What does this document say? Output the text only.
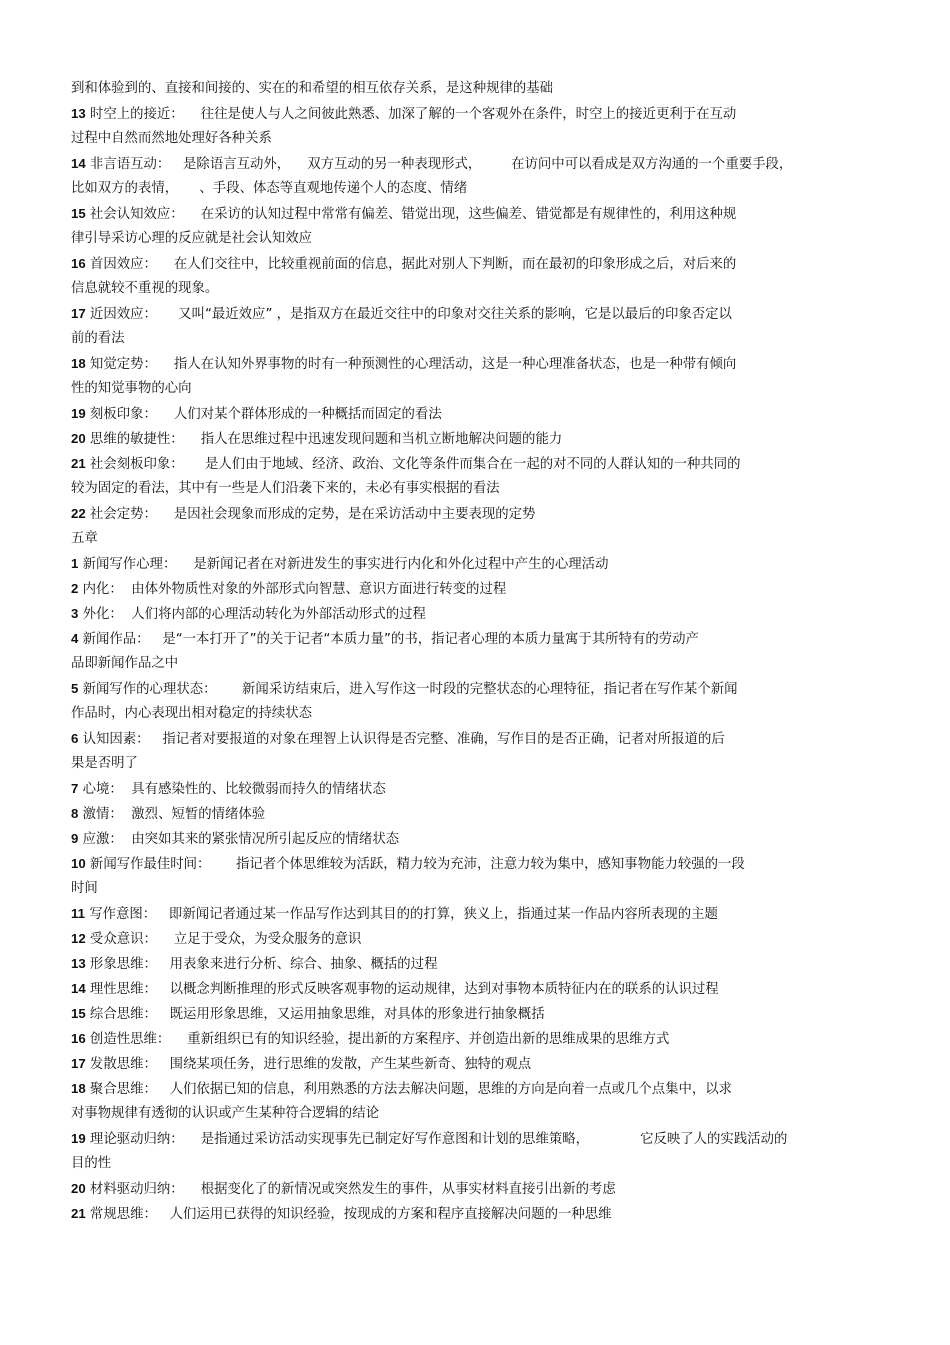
到和体验到的、直接和间接的、实在的和希望的相互依存关系，是这种规律的基础
13 时空上的接近：    往往是使人与人之间彼此熟悉、加深了解的一个客观外在条件，时空上的接近更利于在互动
过程中自然而然地处理好各种关系
14 非言语互动：   是除语言互动外，    双方互动的另一种表现形式，       在访问中可以看成是双方沟通的一个重要手段，
比如双方的表情，     、手段、体态等直观地传递个人的态度、情绪
15 社会认知效应：    在采访的认知过程中常常有偏差、错觉出现，这些偏差、错觉都是有规律性的，利用这种规
律引导采访心理的反应就是社会认知效应
16 首因效应：    在人们交往中，比较重视前面的信息，据此对别人下判断，而在最初的印象形成之后，对后来的
信息就较不重视的现象。
17 近因效应：     又叫“最近效应” ，是指双方在最近交往中的印象对交往关系的影响，它是以最后的印象否定以
前的看法
18 知觉定势：    指人在认知外界事物的时有一种预测性的心理活动，这是一种心理准备状态，也是一种带有倾向
性的知觉事物的心向
19 刻板印象：    人们对某个群体形成的一种概括而固定的看法
20 思维的敏捷性：    指人在思维过程中迅速发现问题和当机立断地解决问题的能力
21 社会刻板印象：     是人们由于地域、经济、政治、文化等条件而集合在一起的对不同的人群认知的一种共同的
较为固定的看法，其中有一些是人们沿袭下来的，未必有事实根据的看法
22 社会定势：    是因社会现象而形成的定势，是在采访活动中主要表现的定势
五章
1 新闻写作心理：    是新闻记者在对新进发生的事实进行内化和外化过程中产生的心理活动
2 内化：  由体外物质性对象的外部形式向智慧、意识方面进行转变的过程
3 外化：  人们将内部的心理活动转化为外部活动形式的过程
4 新闻作品：   是“一本打开了”的关于记者“本质力量”的书，指记者心理的本质力量寓于其所特有的劳动产
品即新闻作品之中
5 新闻写作的心理状态：      新闻采访结束后，进入写作这一时段的完整状态的心理特征，指记者在写作某个新闻
作品时，内心表现出相对稳定的持续状态
6 认知因素：   指记者对要报道的对象在理智上认识得是否完整、准确，写作目的是否正确，记者对所报道的后
果是否明了
7 心境：  具有感染性的、比较微弱而持久的情绪状态
8 激情：  激烈、短暂的情绪体验
9 应激：  由突如其来的紧张情况所引起反应的情绪状态
10 新闻写作最佳时间：      指记者个体思维较为活跃，精力较为充沛，注意力较为集中，感知事物能力较强的一段
时间
11 写作意图：   即新闻记者通过某一作品写作达到其目的的打算，狭义上，指通过某一作品内容所表现的主题
12 受众意识：    立足于受众，为受众服务的意识
13 形象思维：   用表象来进行分析、综合、抽象、概括的过程
14 理性思维：   以概念判断推理的形式反映客观事物的运动规律，达到对事物本质特征内在的联系的认识过程
15 综合思维：   既运用形象思维，又运用抽象思维，对具体的形象进行抽象概括
16 创造性思维：    重新组织已有的知识经验，提出新的方案程序、并创造出新的思维成果的思维方式
17 发散思维：   围绕某项任务，进行思维的发散，产生某些新奇、独特的观点
18 聚合思维：   人们依据已知的信息，利用熟悉的方法去解决问题，思维的方向是向着一点或几个点集中，以求
对事物规律有透彻的认识或产生某种符合逻辑的结论
19 理论驱动归纳：    是指通过采访活动实现事先已制定好写作意图和计划的思维策略，            它反映了人的实践活动的
目的性
20 材料驱动归纳：    根据变化了的新情况或突然发生的事件，从事实材料直接引出新的考虑
21 常规思维：   人们运用已获得的知识经验，按现成的方案和程序直接解决问题的一种思维
